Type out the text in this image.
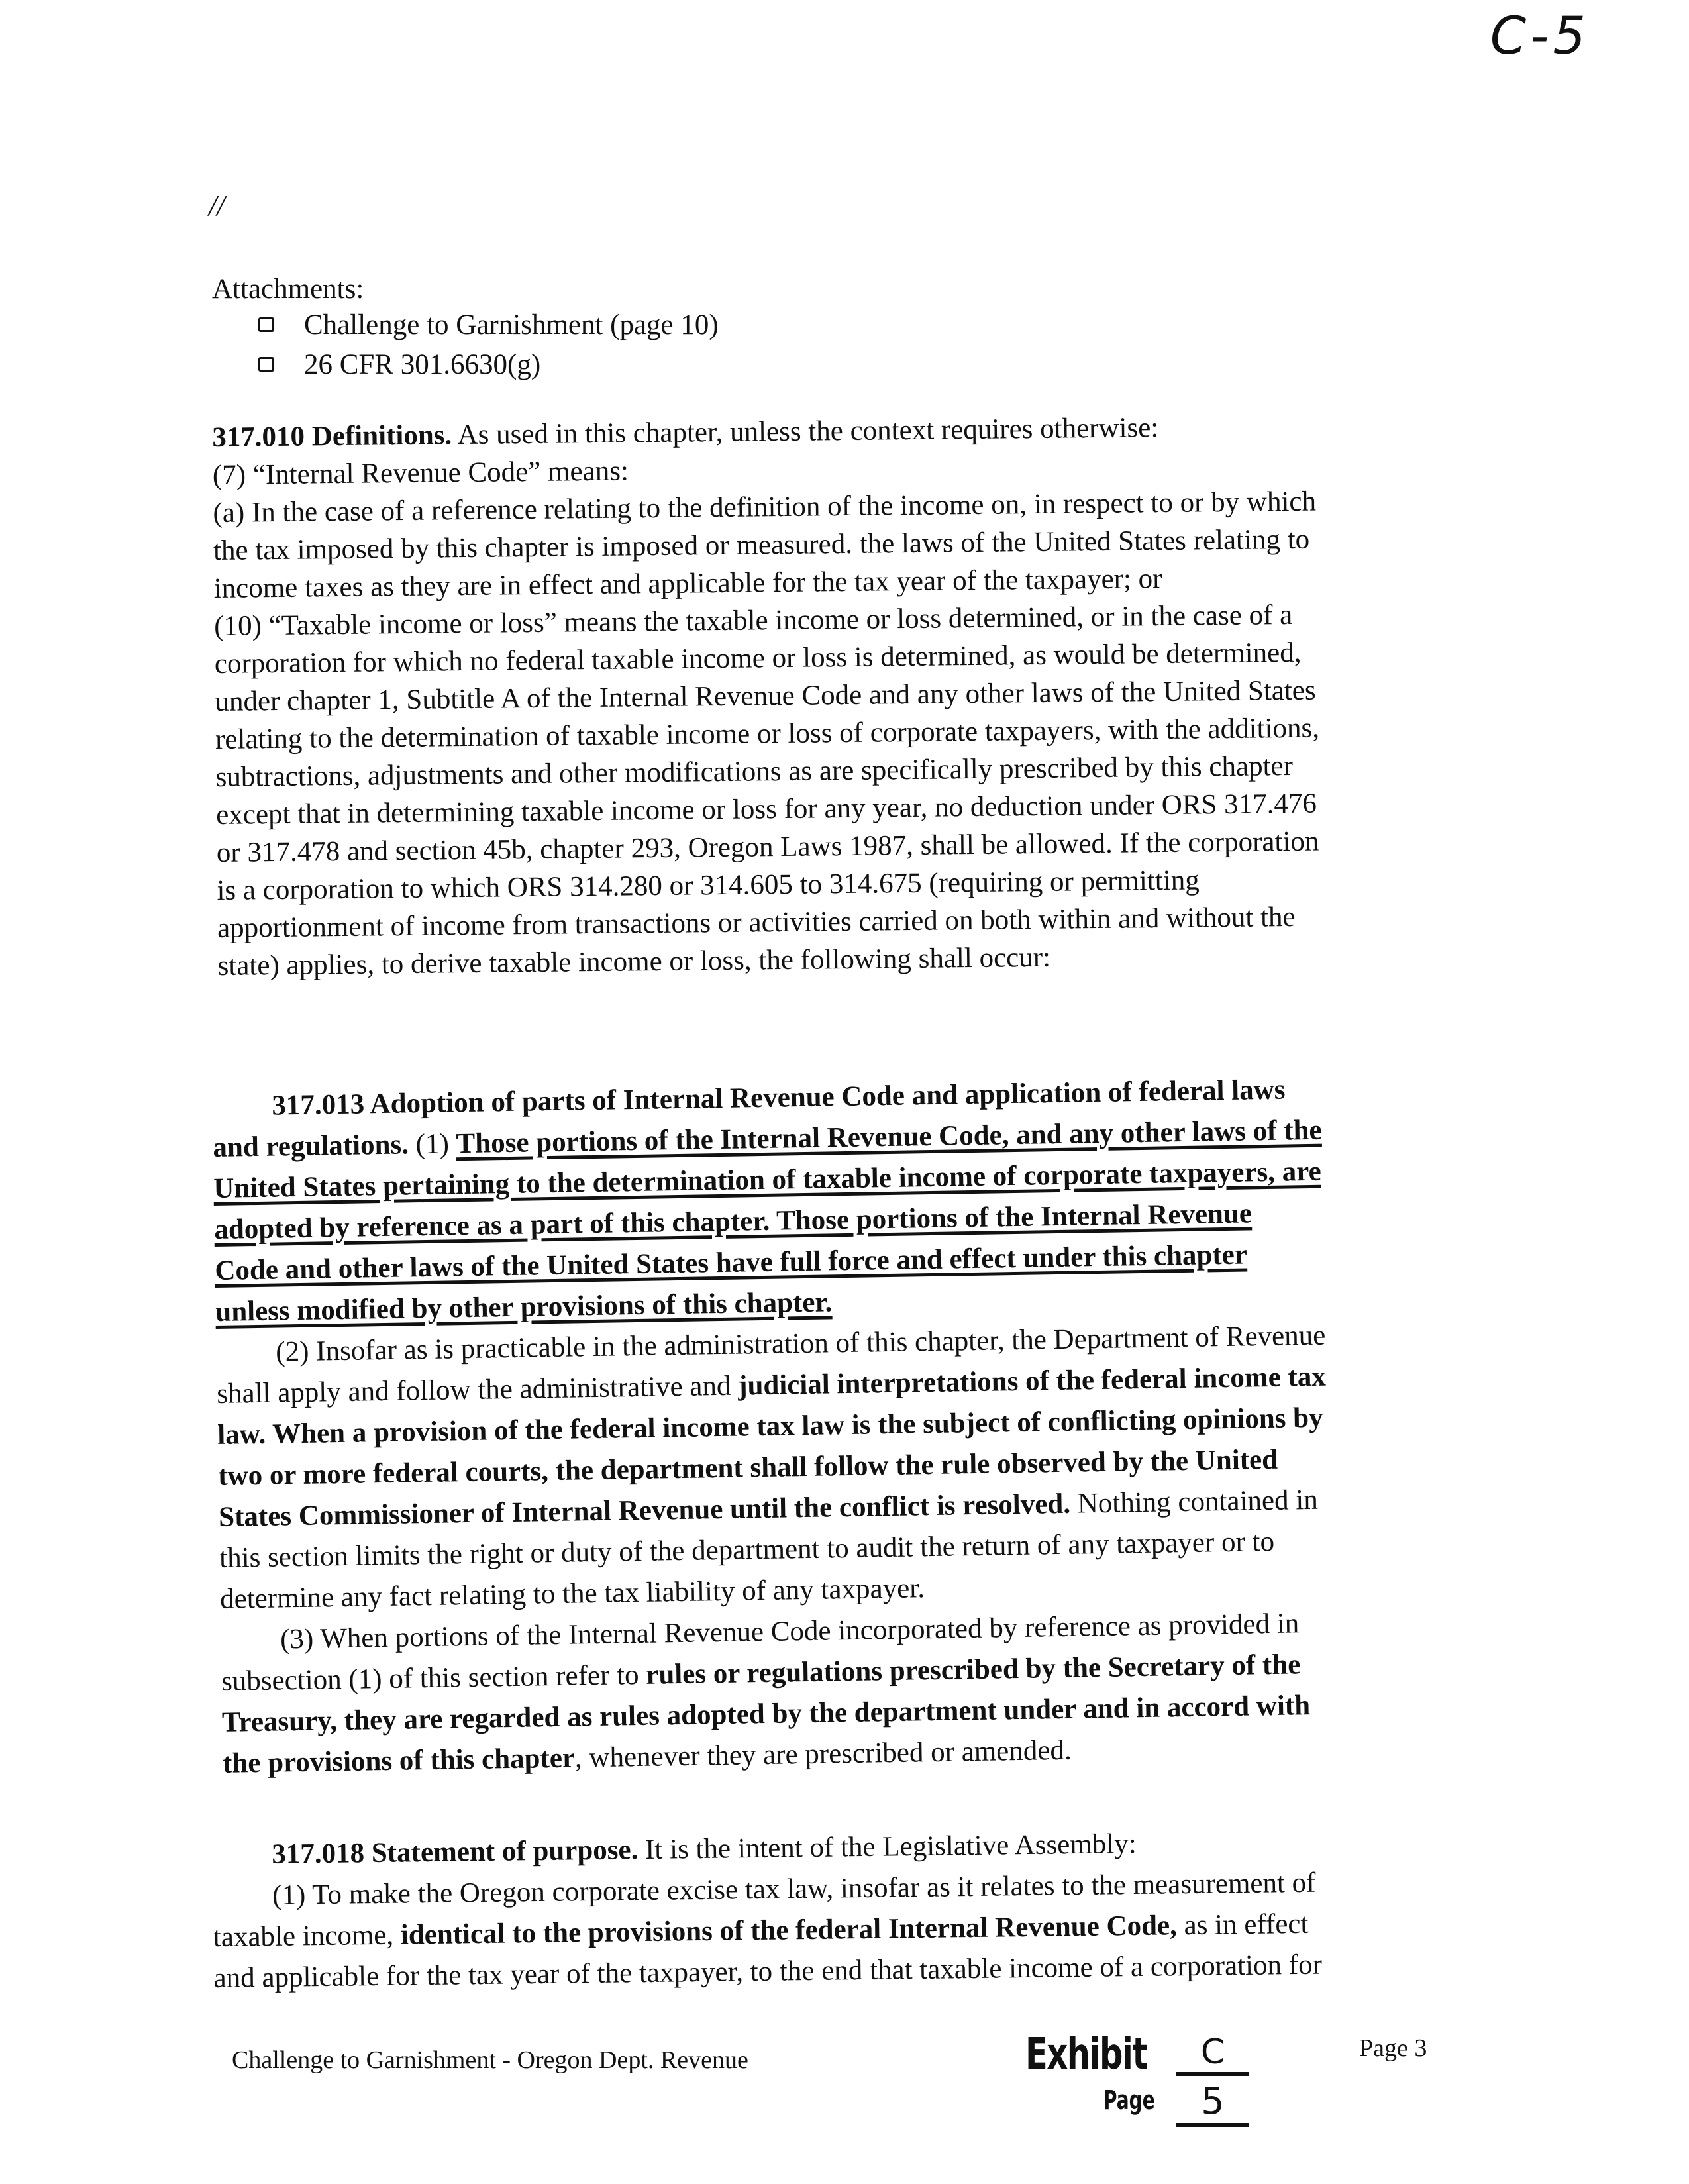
C-5
//
Attachments:
Challenge to Garnishment (page 10)
26 CFR 301.6630(g)

317.010 Definitions. As used in this chapter, unless the context requires otherwise:

(7) “Internal Revenue Code” means:

(a) In the case of a reference relating to the definition of the income on, in respect to or by which

the tax imposed by this chapter is imposed or measured. the laws of the United States relating to

income taxes as they are in effect and applicable for the tax year of the taxpayer; or

(10) “Taxable income or loss” means the taxable income or loss determined, or in the case of a

corporation for which no federal taxable income or loss is determined, as would be determined,

under chapter 1, Subtitle A of the Internal Revenue Code and any other laws of the United States

relating to the determination of taxable income or loss of corporate taxpayers, with the additions,

subtractions, adjustments and other modifications as are specifically prescribed by this chapter

except that in determining taxable income or loss for any year, no deduction under ORS 317.476

or 317.478 and section 45b, chapter 293, Oregon Laws 1987, shall be allowed. If the corporation

is a corporation to which ORS 314.280 or 314.605 to 314.675 (requiring or permitting

apportionment of income from transactions or activities carried on both within and without the

state) applies, to derive taxable income or loss, the following shall occur:

317.013 Adoption of parts of Internal Revenue Code and application of federal laws

and regulations. (1) Those portions of the Internal Revenue Code, and any other laws of the

United States pertaining to the determination of taxable income of corporate taxpayers, are

adopted by reference as a part of this chapter. Those portions of the Internal Revenue

Code and other laws of the United States have full force and effect under this chapter

unless modified by other provisions of this chapter.

(2) Insofar as is practicable in the administration of this chapter, the Department of Revenue

shall apply and follow the administrative and judicial interpretations of the federal income tax

law. When a provision of the federal income tax law is the subject of conflicting opinions by

two or more federal courts, the department shall follow the rule observed by the United

States Commissioner of Internal Revenue until the conflict is resolved. Nothing contained in

this section limits the right or duty of the department to audit the return of any taxpayer or to

determine any fact relating to the tax liability of any taxpayer.

(3) When portions of the Internal Revenue Code incorporated by reference as provided in

subsection (1) of this section refer to rules or regulations prescribed by the Secretary of the

Treasury, they are regarded as rules adopted by the department under and in accord with

the provisions of this chapter, whenever they are prescribed or amended.

317.018 Statement of purpose. It is the intent of the Legislative Assembly:

(1) To make the Oregon corporate excise tax law, insofar as it relates to the measurement of

taxable income, identical to the provisions of the federal Internal Revenue Code, as in effect

and applicable for the tax year of the taxpayer, to the end that taxable income of a corporation for

Challenge to Garnishment - Oregon Dept. Revenue	Exhibit	C
Page	5
Page 3
